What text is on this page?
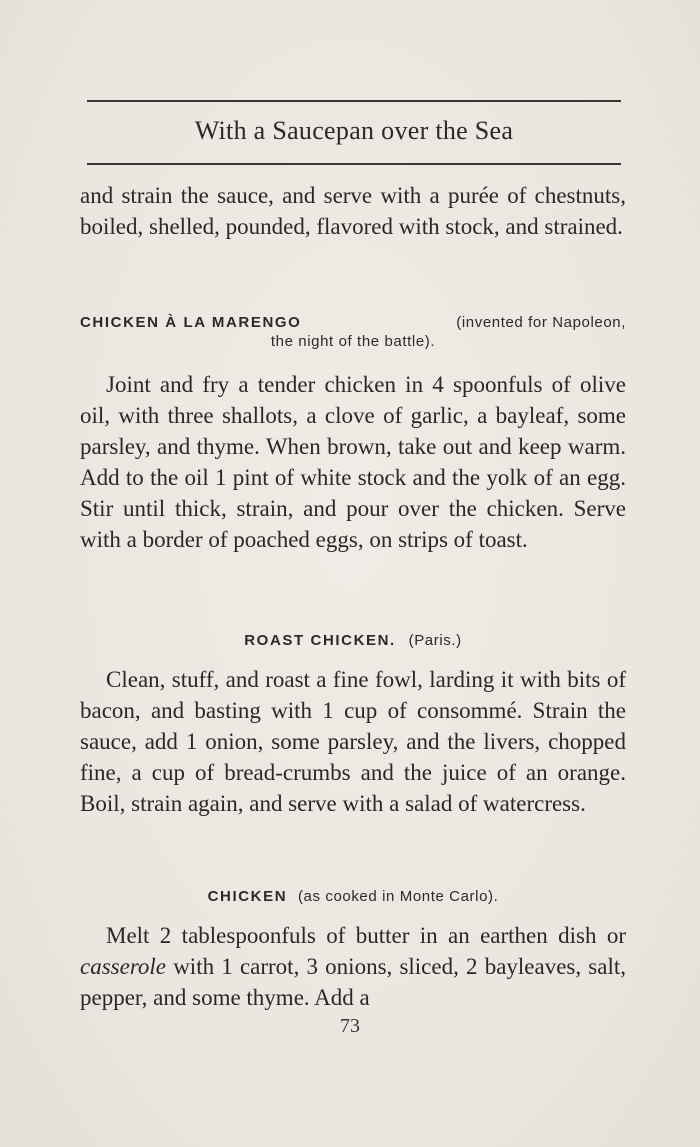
With a Saucepan over the Sea
and strain the sauce, and serve with a purée of chestnuts, boiled, shelled, pounded, flavored with stock, and strained.
CHICKEN À LA MARENGO	(invented for Napoleon,
the night of the battle).
Joint and fry a tender chicken in 4 spoonfuls of olive oil, with three shallots, a clove of garlic, a bayleaf, some parsley, and thyme. When brown, take out and keep warm. Add to the oil 1 pint of white stock and the yolk of an egg. Stir until thick, strain, and pour over the chicken. Serve with a border of poached eggs, on strips of toast.
ROAST CHICKEN. (Paris.)
Clean, stuff, and roast a fine fowl, larding it with bits of bacon, and basting with 1 cup of consommé. Strain the sauce, add 1 onion, some parsley, and the livers, chopped fine, a cup of bread-crumbs and the juice of an orange. Boil, strain again, and serve with a salad of watercress.
CHICKEN (as cooked in Monte Carlo).
Melt 2 tablespoonfuls of butter in an earthen dish or casserole with 1 carrot, 3 onions, sliced, 2 bayleaves, salt, pepper, and some thyme. Add a
73
